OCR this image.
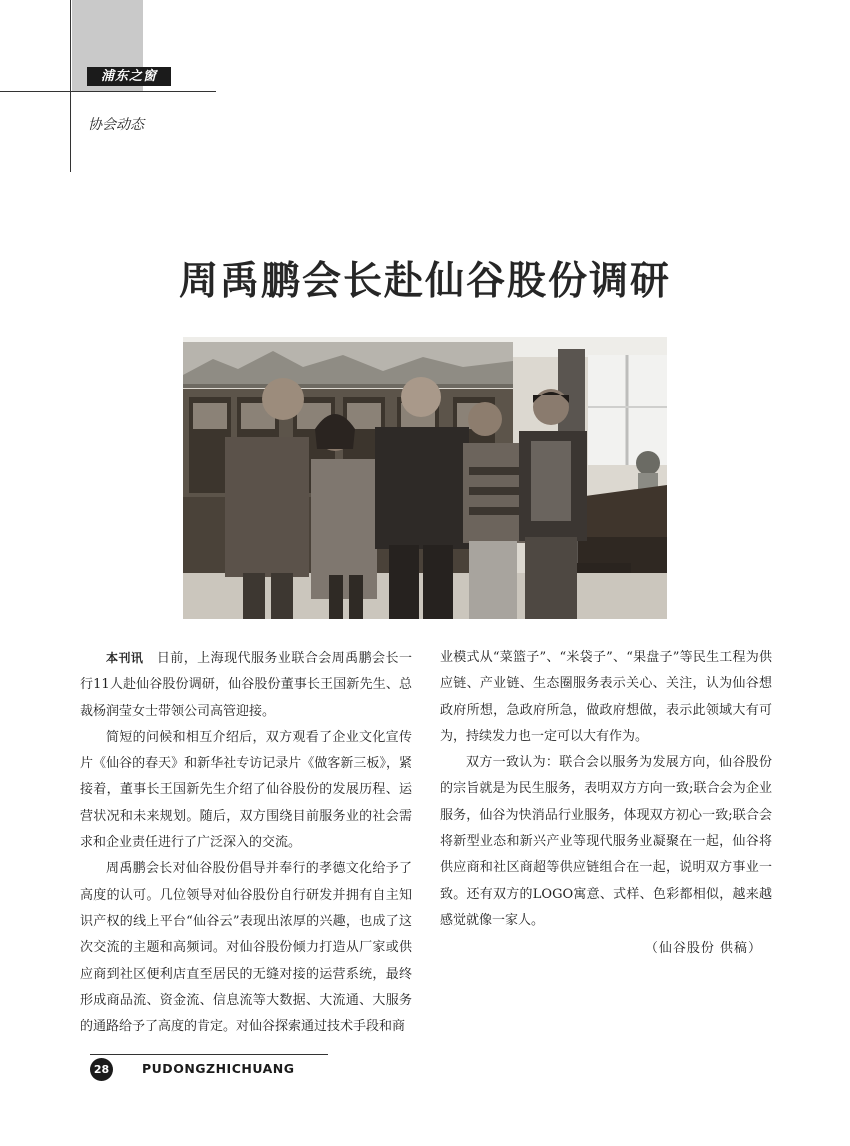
浦东之窗
协会动态
周禹鹏会长赴仙谷股份调研

本刊讯　 日前，上海现代服务业联合会周禹鹏会长一行11人赴仙谷股份调研，仙谷股份董事长王国新先生、总裁杨润莹女士带领公司高管迎接。

简短的问候和相互介绍后，双方观看了企业文化宣传片《仙谷的春天》和新华社专访记录片《做客新三板》，紧接着，董事长王国新先生介绍了仙谷股份的发展历程、运营状况和未来规划。随后，双方围绕目前服务业的社会需求和企业责任进行了广泛深入的交流。

周禹鹏会长对仙谷股份倡导并奉行的孝德文化给予了高度的认可。几位领导对仙谷股份自行研发并拥有自主知识产权的线上平台“仙谷云”表现出浓厚的兴趣，也成了这次交流的主题和高频词。对仙谷股份倾力打造从厂家或供应商到社区便利店直至居民的无缝对接的运营系统，最终形成商品流、资金流、信息流等大数据、大流通、大服务的通路给予了高度的肯定。对仙谷探索通过技术手段和商

业模式从“菜篮子”、“米袋子”、“果盘子”等民生工程为供应链、产业链、生态圈服务表示关心、关注，认为仙谷想政府所想，急政府所急，做政府想做，表示此领域大有可为，持续发力也一定可以大有作为。

双方一致认为：联合会以服务为发展方向，仙谷股份的宗旨就是为民生服务，表明双方方向一致;联合会为企业服务，仙谷为快消品行业服务，体现双方初心一致;联合会将新型业态和新兴产业等现代服务业凝聚在一起，仙谷将供应商和社区商超等供应链组合在一起，说明双方事业一致。还有双方的LOGO寓意、式样、色彩都相似，越来越感觉就像一家人。

（仙谷股份 供稿）

28	PUDONGZHICHUANG
